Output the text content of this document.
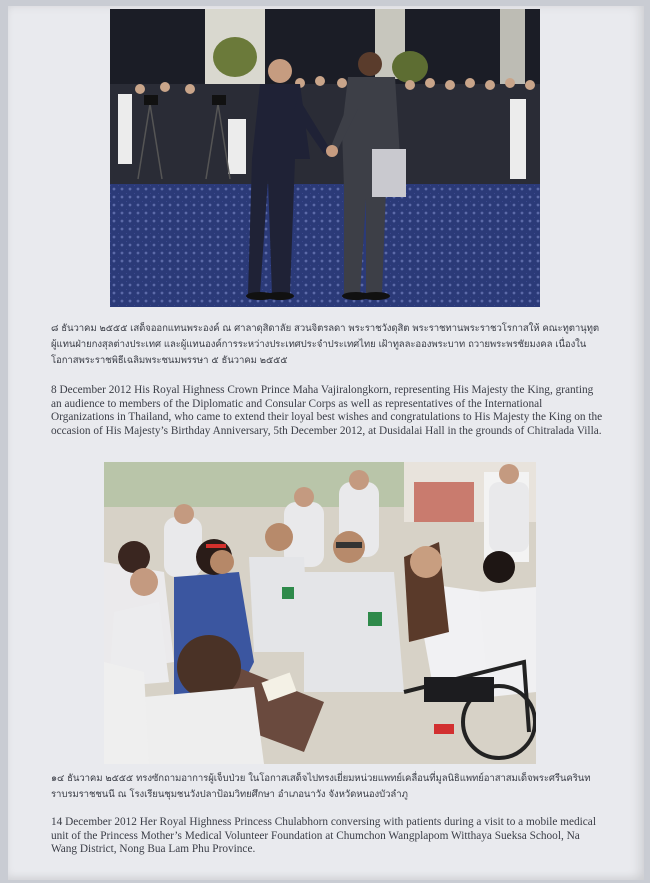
๘ ธันวาคม ๒๕๕๕ เสด็จออกแทนพระองค์ ณ ศาลาดุสิดาลัย สวนจิตรลดา พระราชวังดุสิต พระราชทานพระราชวโรกาสให้ คณะทูตานุทูต ผู้แทนฝ่ายกงสุลต่างประเทศ และผู้แทนองค์การระหว่างประเทศประจำประเทศไทย เฝ้าทูลละอองพระบาท ถวายพระพรชัยมงคล เนื่องในโอกาสพระราชพิธีเฉลิมพระชนมพรรษา ๕ ธันวาคม ๒๕๕๕

8 December 2012 His Royal Highness Crown Prince Maha Vajiralongkorn, representing His Majesty the King, granting an audience to members of the Diplomatic and Consular Corps as well as representatives of the International Organizations in Thailand, who came to extend their loyal best wishes and congratulations to His Majesty the King on the occasion of His Majesty’s Birthday Anniversary, 5th December 2012, at Dusidalai Hall in the grounds of Chitralada Villa.

๑๔ ธันวาคม ๒๕๕๕ ทรงซักถามอาการผู้เจ็บป่วย ในโอกาสเสด็จไปทรงเยี่ยมหน่วยแพทย์เคลื่อนที่มูลนิธิแพทย์อาสาสมเด็จพระศรีนครินทราบรมราชชนนี ณ โรงเรียนชุมชนวังปลาป้อมวิทยศึกษา อำเภอนาวัง จังหวัดหนองบัวลำภู

14 December 2012 Her Royal Highness Princess Chulabhorn conversing with patients during a visit to a mobile medical unit of the Princess Mother’s Medical Volunteer Foundation at Chumchon Wangplapom Witthaya Sueksa School, Na Wang District, Nong Bua Lam Phu Province.
